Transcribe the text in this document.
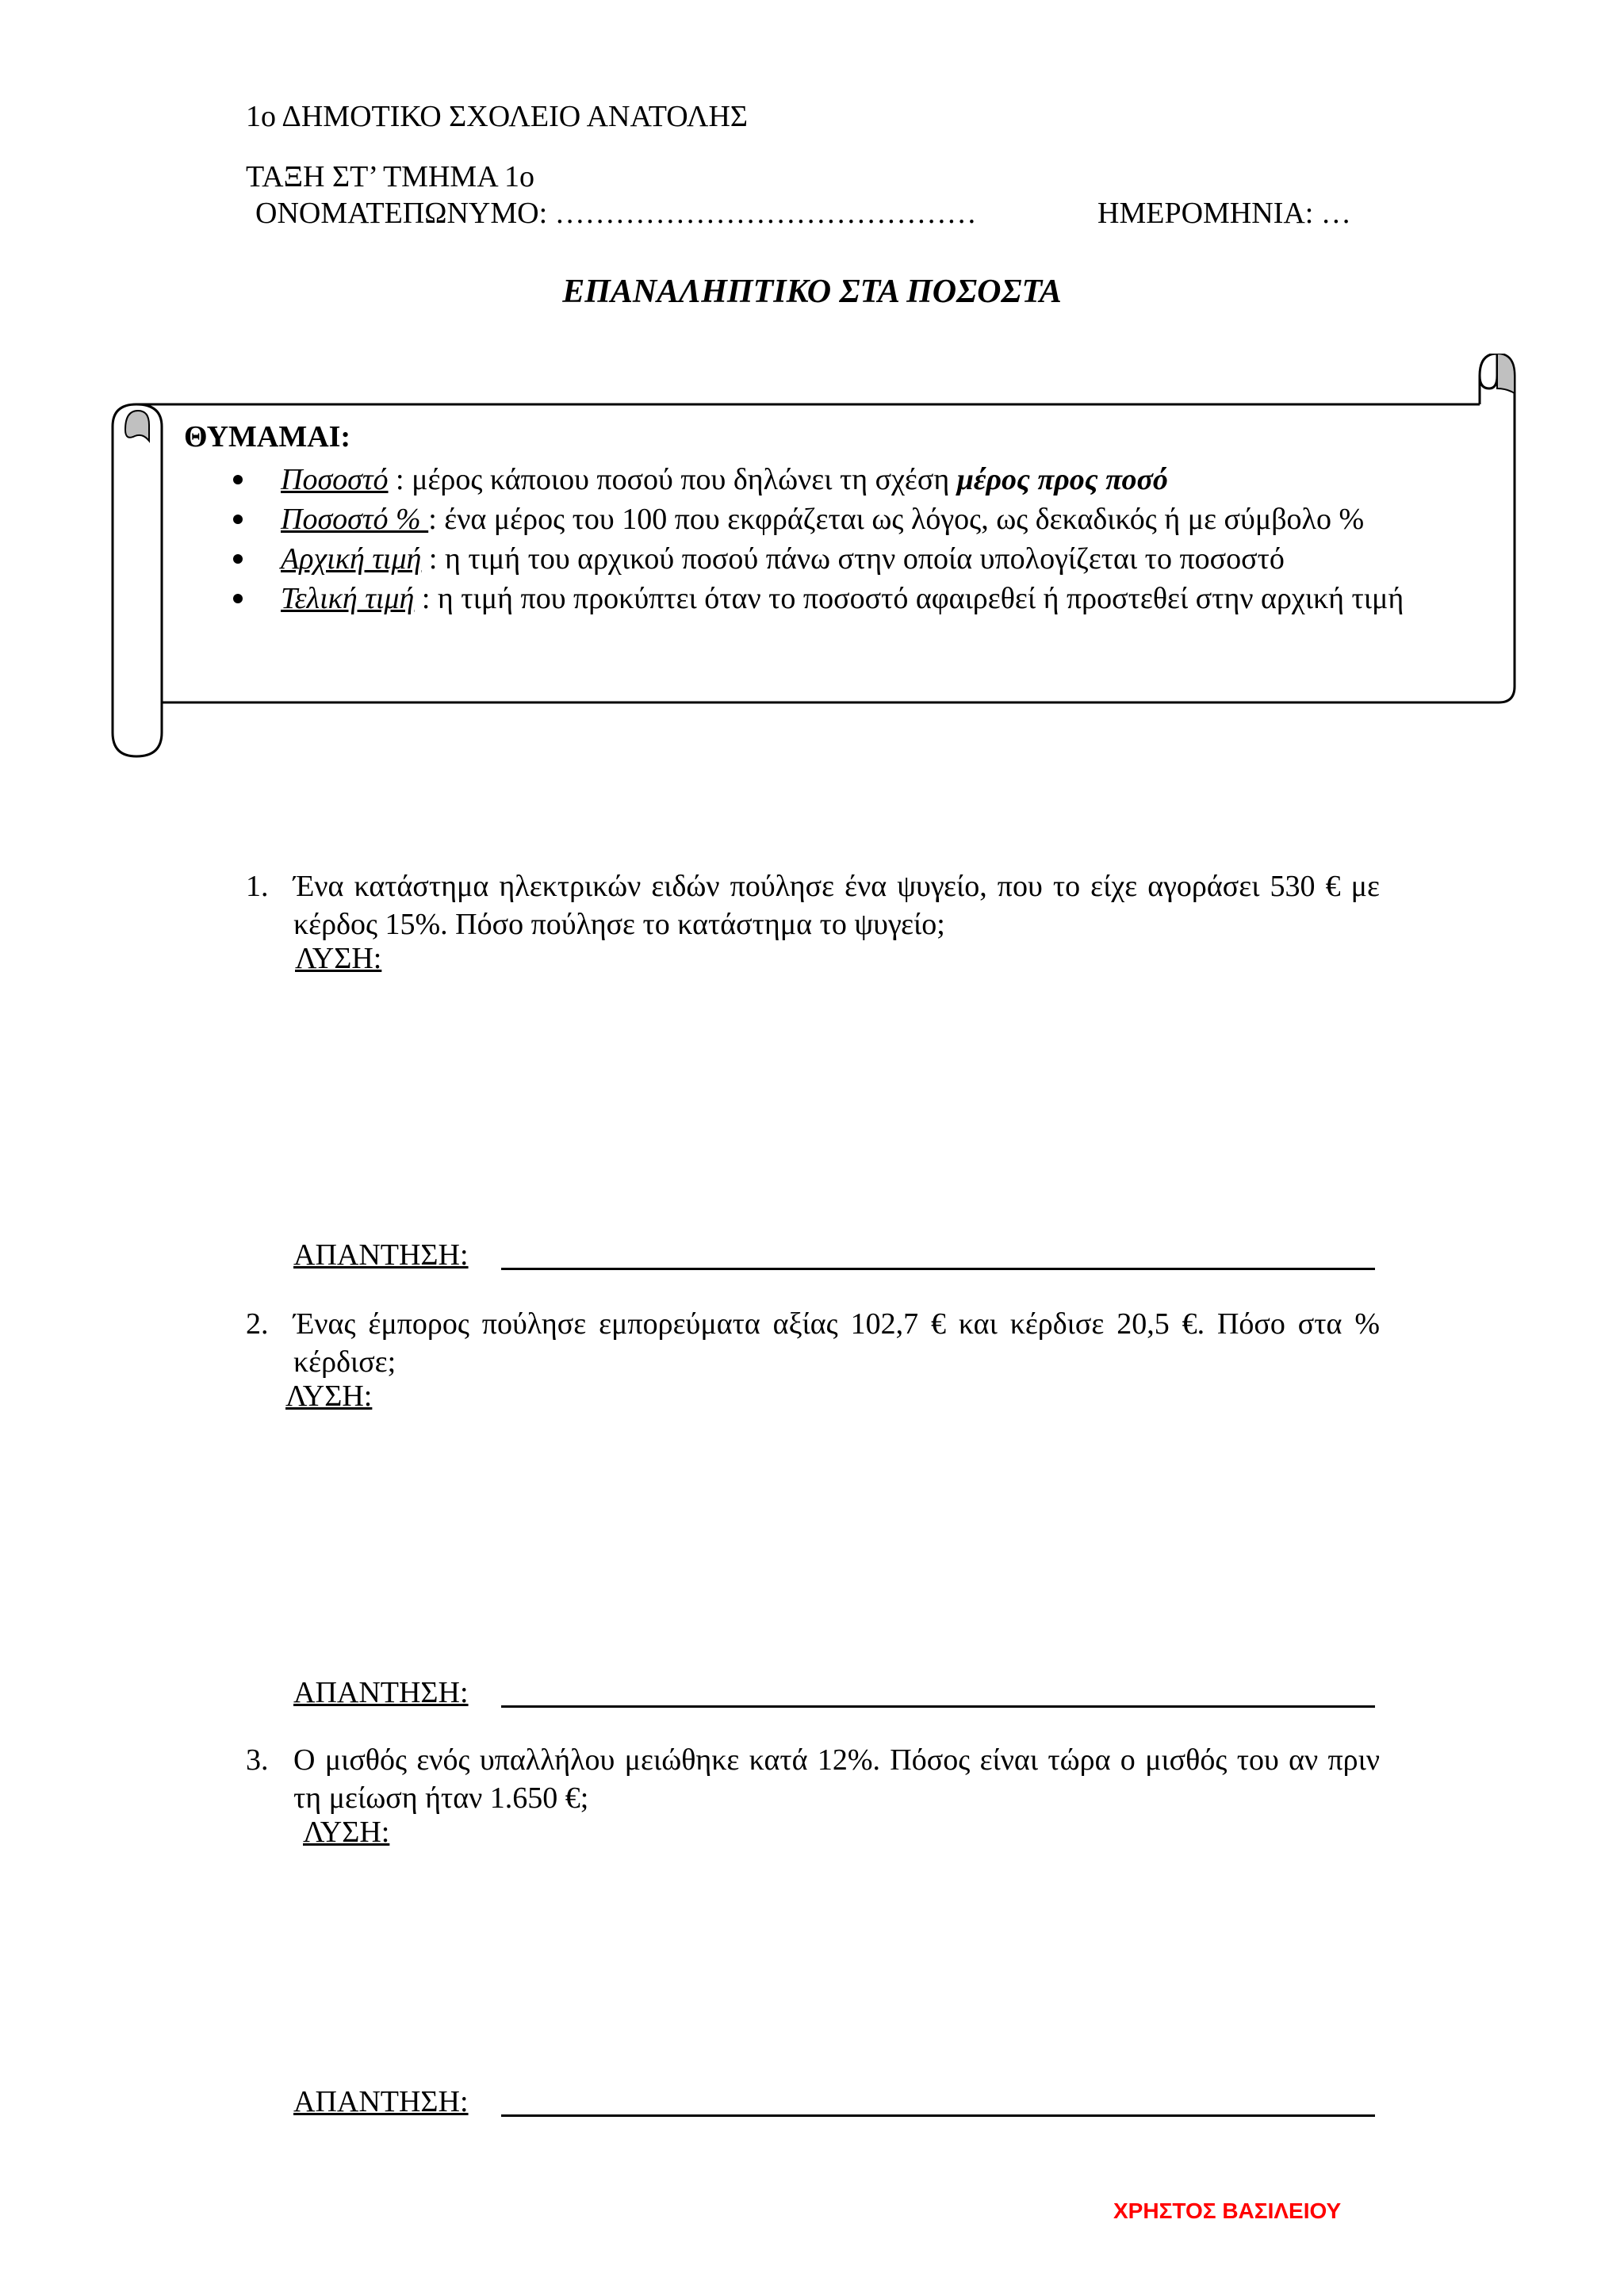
1ο ΔΗΜΟΤΙΚΟ ΣΧΟΛΕΙΟ ΑΝΑΤΟΛΗΣ
ΤΑΞΗ ΣΤ’ ΤΜΗΜΑ 1ο
ΟΝΟΜΑΤΕΠΩΝΥΜΟ: ……………………………………	ΗΜΕΡΟΜΗΝΙΑ: …
ΕΠΑΝΑΛΗΠΤΙΚΟ ΣΤΑ ΠΟΣΟΣΤΑ
ΘΥΜΑΜΑΙ:
Ποσοστό : μέρος κάποιου ποσού που δηλώνει τη σχέση μέρος προς ποσό
Ποσοστό % : ένα μέρος του 100 που εκφράζεται ως λόγος, ως δεκαδικός ή με σύμβολο %
Αρχική τιμή : η τιμή του αρχικού ποσού πάνω στην οποία υπολογίζεται το ποσοστό
Τελική τιμή : η τιμή που προκύπτει όταν το ποσοστό αφαιρεθεί ή προστεθεί στην αρχική τιμή
1. Ένα κατάστημα ηλεκτρικών ειδών πούλησε ένα ψυγείο, που το είχε αγοράσει 530 € με κέρδος 15%. Πόσο πούλησε το κατάστημα το ψυγείο;
ΛΥΣΗ:
ΑΠΑΝΤΗΣΗ:
2. Ένας έμπορος πούλησε εμπορεύματα αξίας 102,7 € και κέρδισε 20,5 €. Πόσο στα % κέρδισε;
ΛΥΣΗ:
ΑΠΑΝΤΗΣΗ:
3. Ο μισθός ενός υπαλλήλου μειώθηκε κατά 12%. Πόσος είναι τώρα ο μισθός του αν πριν τη μείωση ήταν 1.650 €;
ΛΥΣΗ:
ΑΠΑΝΤΗΣΗ:
ΧΡΗΣΤΟΣ ΒΑΣΙΛΕΙΟΥ
